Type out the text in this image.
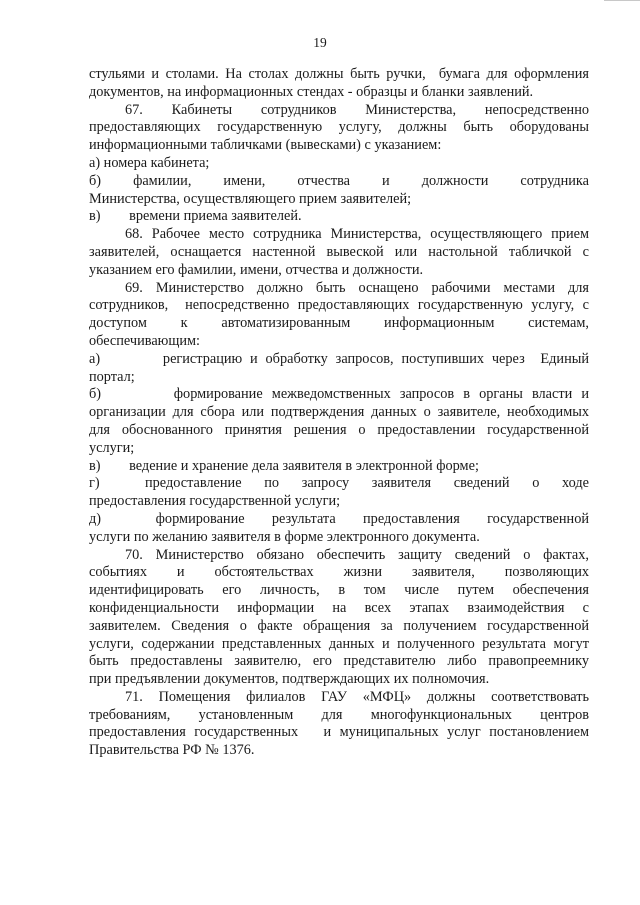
19
стульями и столами. На столах должны быть ручки,  бумага для оформления
документов, на информационных стендах - образцы и бланки заявлений.
67.        Кабинеты        сотрудников        Министерства,        непосредственно
предоставляющих  государственную  услугу,  должны  быть  оборудованы
информационными табличками (вывесками) с указанием:
а) номера кабинета;
б)        фамилии,        имени,        отчества        и        должности        сотрудника
Министерства, осуществляющего прием заявителей;
в)        времени приема заявителей.
68. Рабочее место сотрудника Министерства, осуществляющего прием
заявителей,  оснащается  настенной  вывеской  или  настольной  табличкой  с
указанием его фамилии, имени, отчества и должности.
69.  Министерство  должно  быть  оснащено  рабочими  местами  для
сотрудников,  непосредственно предоставляющих государственную услугу, с
доступом        к        автоматизированным        информационным        системам,
обеспечивающим:
а)        регистрацию и обработку запросов, поступивших через  Единый
портал;
б)        формирование межведомственных запросов в органы власти и
организации для сбора или подтверждения данных о заявителе, необходимых
для  обоснованного  принятия  решения  о  предоставлении  государственной
услуги;
в)        ведение и хранение дела заявителя в электронной форме;
г)        предоставление    по    запросу    заявителя    сведений    о    ходе
предоставления государственной услуги;
д)        формирование    результата    предоставления    государственной
услуги по желанию заявителя в форме электронного документа.
70.  Министерство  обязано  обеспечить  защиту  сведений  о  фактах,
событиях        и        обстоятельствах        жизни        заявителя,        позволяющих
идентифицировать    его    личность,    в    том    числе    путем    обеспечения
конфиденциальности    информации    на    всех    этапах    взаимодействия    с
заявителем.  Сведения  о  факте  обращения  за  получением  государственной
услуги, содержании представленных данных и полученного результата могут
быть  предоставлены  заявителю,  его  представителю  либо  правопреемнику
при предъявлении документов, подтверждающих их полномочия.
71.  Помещения  филиалов  ГАУ  «МФЦ»  должны  соответствовать
требованиям,        установленным        для        многофункциональных        центров
предоставления государственных   и муниципальных услуг постановлением
Правительства РФ № 1376.
